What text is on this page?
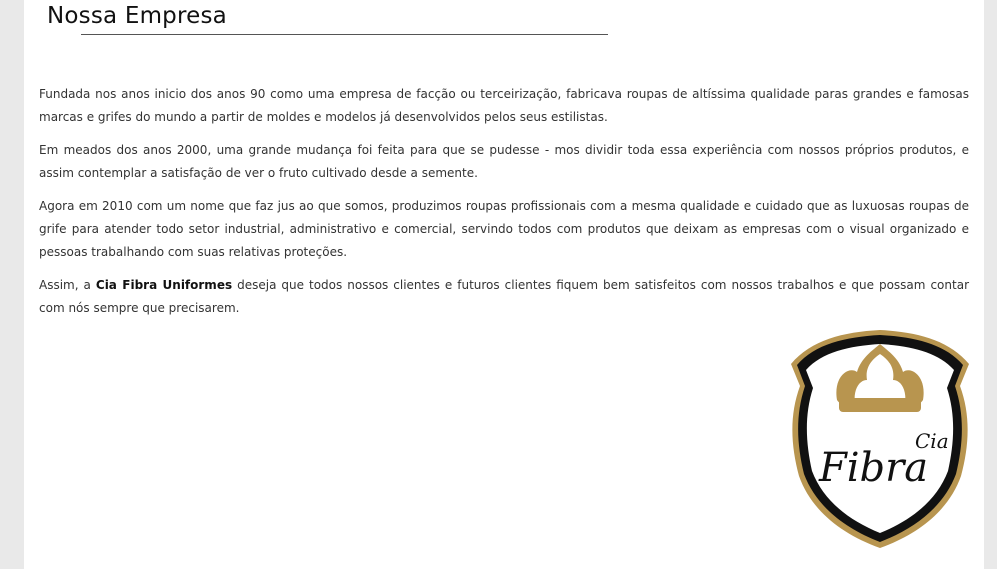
Nossa Empresa

Fundada nos anos inicio dos anos 90 como uma empresa de facção ou terceirização, fabricava roupas de altíssima qualidade paras grandes e famosas marcas e grifes do mundo a partir de moldes e modelos já desenvolvidos pelos seus estilistas.

Em meados dos anos 2000, uma grande mudança foi feita para que se pudesse - mos dividir toda essa experiência com nossos próprios produtos, e assim contemplar a satisfação de ver o fruto cultivado desde a semente.

Agora em 2010 com um nome que faz jus ao que somos, produzimos roupas profissionais com a mesma qualidade e cuidado que as luxuosas roupas de grife para atender todo setor industrial, administrativo e comercial, servindo todos com produtos que deixam as empresas com o visual organizado e pessoas trabalhando com suas relativas proteções.

Assim, a Cia Fibra Uniformes deseja que todos nossos clientes e futuros clientes fiquem bem satisfeitos com nossos trabalhos e que possam contar com nós sempre que precisarem.

Cia
Fibra
